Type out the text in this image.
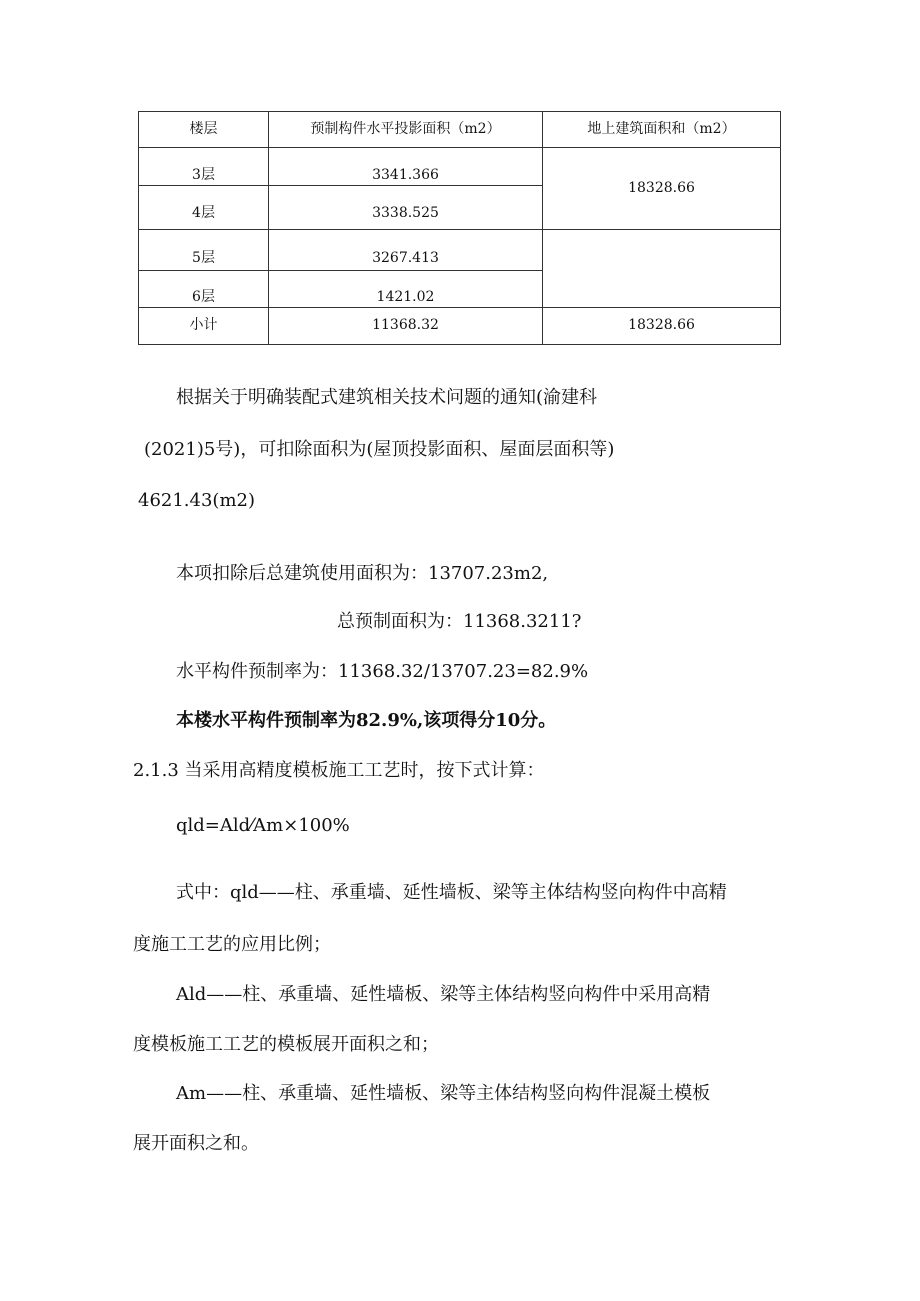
楼层	预制构件水平投影面积（m2）	地上建筑面积和（m2）
3层	3341.366	18328.66
4层	3338.525	
5层	3267.413	
6层	1421.02	
小计	11368.32	18328.66
根据关于明确装配式建筑相关技术问题的通知(渝建科
(2021)5号)，可扣除面积为(屋顶投影面积、屋面层面积等)
4621.43(m2)
本项扣除后总建筑使用面积为：13707.23m2,
总预制面积为：11368.3211?
水平构件预制率为：11368.32/13707.23=82.9%
本楼水平构件预制率为82.9%,该项得分10分。
2.1.3 当采用高精度模板施工工艺时，按下式计算：
qld=Ald⁄Am×100%
式中：qld——柱、承重墙、延性墙板、梁等主体结构竖向构件中高精
度施工工艺的应用比例；
Ald——柱、承重墙、延性墙板、梁等主体结构竖向构件中采用高精
度模板施工工艺的模板展开面积之和；
Am——柱、承重墙、延性墙板、梁等主体结构竖向构件混凝土模板
展开面积之和。
